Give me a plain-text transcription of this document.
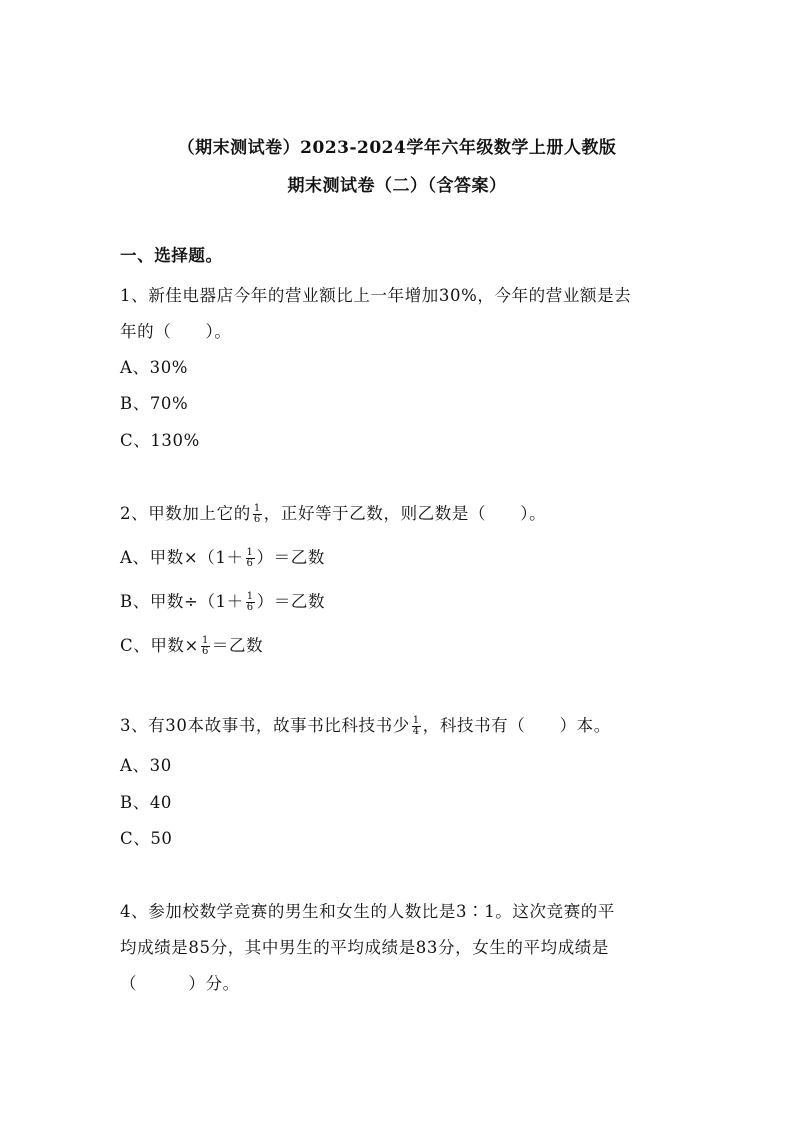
（期末测试卷）2023-2024学年六年级数学上册人教版
期末测试卷（二）（含答案）
一、选择题。
1、新佳电器店今年的营业额比上一年增加30%，今年的营业额是去
年的（　　）。
A、30%
B、70%
C、130%
2、甲数加上它的 $\frac{1}{6}$ ，正好等于乙数，则乙数是（　　）。
A、甲数$\times(1+ \frac{1}{6}$ ）＝乙数
B、甲数$\div(1+ \frac{1}{6}$ ）＝乙数
C、甲数× $\frac{1}{6}$ ＝乙数
3、有30本故事书，故事书比科技书少 $\frac{1}{4}$ ，科技书有（　　）本。
A、30
B、40
C、50
4、参加校数学竞赛的男生和女生的人数比是3∶1。这次竞赛的平
均成绩是85分，其中男生的平均成绩是83分，女生的平均成绩是
（　　　）分。
